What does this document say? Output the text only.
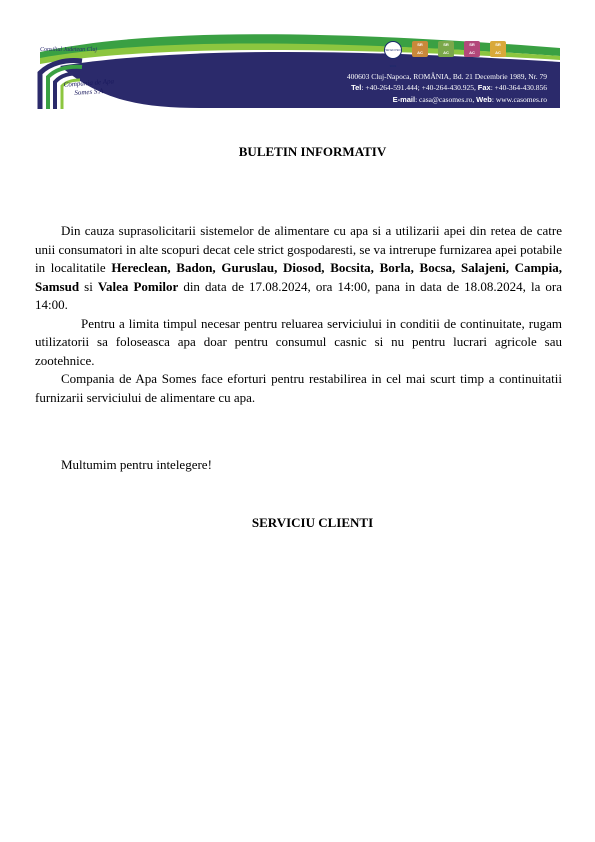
Consiliul Judetean Cluj
Compania de Apa
Somes S.A.
SR EN ISO 9001
SR
AC
SR
AC
SR
AC
SR
AC
400603 Cluj-Napoca, ROMÂNIA, Bd. 21 Decembrie 1989, Nr. 79
Tel: +40-264-591.444; +40-264-430.925, Fax: +40-364-430.856
E-mail: casa@casomes.ro, Web: www.casomes.ro
BULETIN INFORMATIV

Din cauza suprasolicitarii sistemelor de alimentare cu apa si a utilizarii apei din retea de catre unii consumatori in alte scopuri decat cele strict gospodaresti, se va intrerupe furnizarea apei potabile in localitatile Hereclean, Badon, Guruslau, Diosod, Bocsita, Borla, Bocsa, Salajeni, Campia, Samsud si Valea Pomilor din data de 17.08.2024, ora 14:00, pana in data de 18.08.2024, la ora 14:00.

Pentru a limita timpul necesar pentru reluarea serviciului in conditii de continuitate, rugam utilizatorii sa foloseasca apa doar pentru consumul casnic si nu pentru lucrari agricole sau zootehnice.

Compania de Apa Somes face eforturi pentru restabilirea in cel mai scurt timp a continuitatii furnizarii serviciului de alimentare cu apa.

Multumim pentru intelegere!
SERVICIU CLIENTI
